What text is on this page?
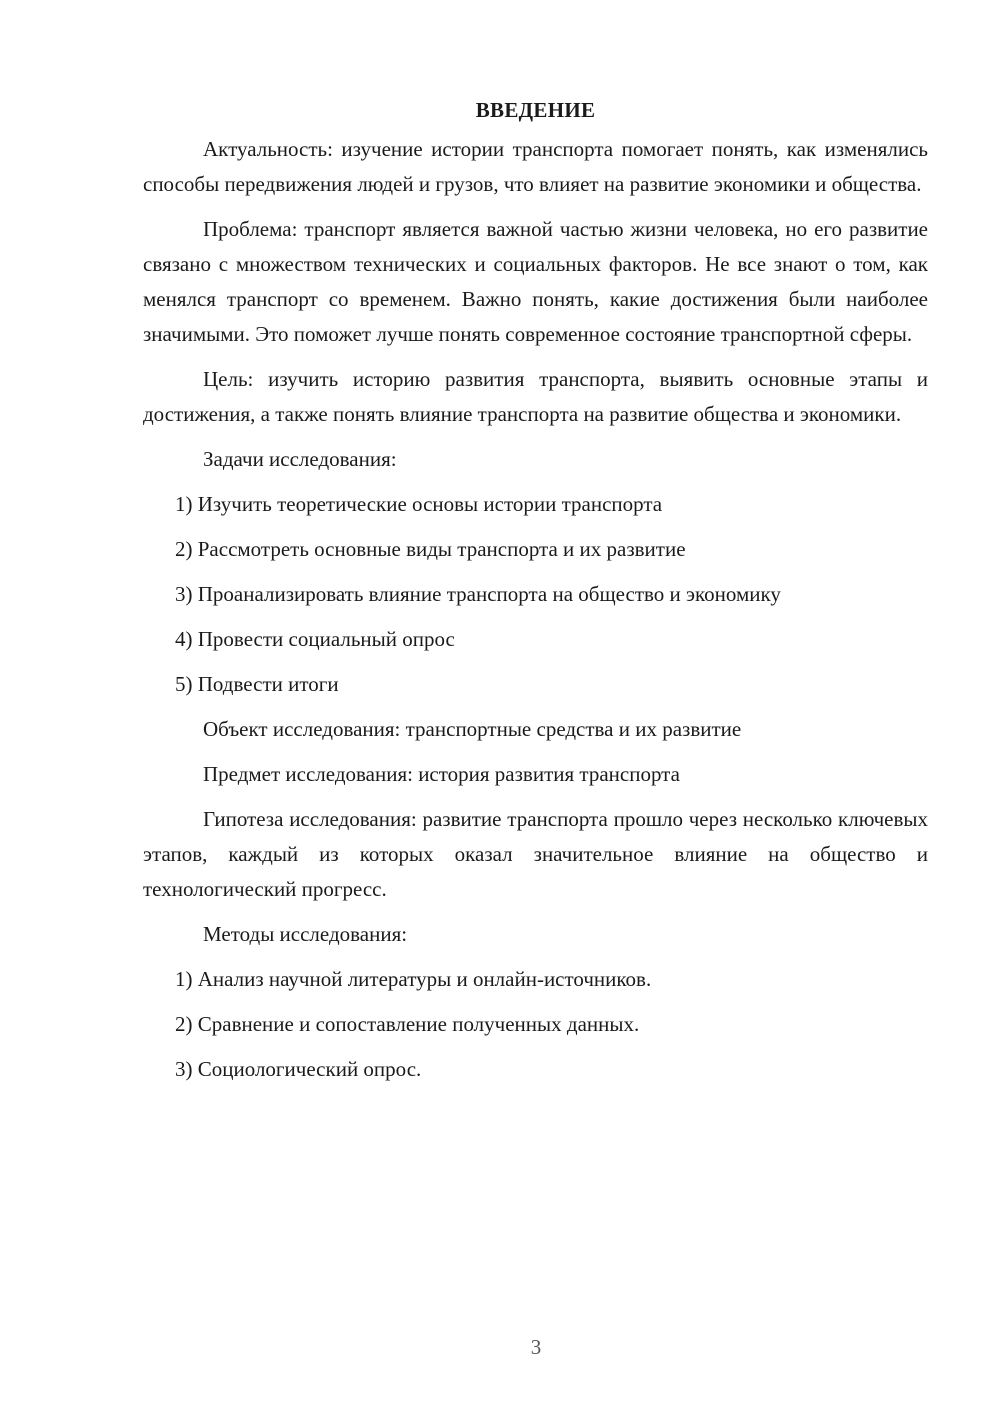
ВВЕДЕНИЕ

Актуальность: изучение истории транспорта помогает понять, как изменялись способы передвижения людей и грузов, что влияет на развитие экономики и общества.

Проблема: транспорт является важной частью жизни человека, но его развитие связано с множеством технических и социальных факторов. Не все знают о том, как менялся транспорт со временем. Важно понять, какие достижения были наиболее значимыми. Это поможет лучше понять современное состояние транспортной сферы.

Цель: изучить историю развития транспорта, выявить основные этапы и достижения, а также понять влияние транспорта на развитие общества и экономики.

Задачи исследования:
1) Изучить теоретические основы истории транспорта
2) Рассмотреть основные виды транспорта и их развитие
3) Проанализировать влияние транспорта на общество и экономику
4) Провести социальный опрос
5) Подвести итоги
Объект исследования: транспортные средства и их развитие
Предмет исследования: история развития транспорта

Гипотеза исследования: развитие транспорта прошло через несколько ключевых этапов, каждый из которых оказал значительное влияние на общество и технологический прогресс.

Методы исследования:
1) Анализ научной литературы и онлайн-источников.
2) Сравнение и сопоставление полученных данных.
3) Социологический опрос.
3
